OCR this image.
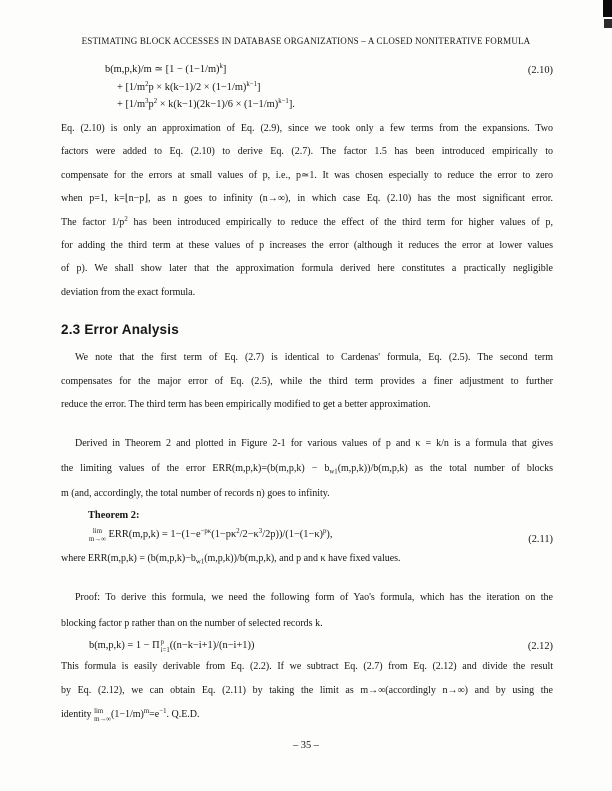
ESTIMATING BLOCK ACCESSES IN DATABASE ORGANIZATIONS – A CLOSED NONITERATIVE FORMULA
b(m,p,k)/m ≃ $[1 - (1-1/m)^k]$	(2.10)
+ $[1/m^2p \times k(k-1)/2 \times (1-1/m)^{k-1}]$
+ $[1/m^3p^2 \times k(k-1)(2k-1)/6 \times (1-1/m)^{k-1}]$.
Eq. (2.10) is only an approximation of Eq. (2.9), since we took only a few terms from the expansions. Two
factors were added to Eq. (2.10) to derive Eq. (2.7). The factor 1.5 has been introduced empirically to
compensate for the errors at small values of p, i.e., p≃1. It was chosen especially to reduce the error to zero
when p=1, k=⌊n−p⌋, as n goes to infinity (n→∞), in which case Eq. (2.10) has the most significant error.
The factor $1/p^2$ has been introduced empirically to reduce the effect of the third term for higher values of p,
for adding the third term at these values of p increases the error (although it reduces the error at lower values
of p). We shall show later that the approximation formula derived here constitutes a practically negligible
deviation from the exact formula.
2.3 Error Analysis
We note that the first term of Eq. (2.7) is identical to Cardenas' formula, Eq. (2.5). The second term
compensates for the major error of Eq. (2.5), while the third term provides a finer adjustment to further
reduce the error. The third term has been empirically modified to get a better approximation.
Derived in Theorem 2 and plotted in Figure 2-1 for various values of p and κ = k/n is a formula that gives
the limiting values of the error $ERR(m,p,k)=(b(m,p,k) - b_{w1}(m,p,k))/b(m,p,k)$ as the total number of blocks
m (and, accordingly, the total number of records n) goes to infinity.
Theorem 2:
lim
m→∞ $ERR(m,p,k) = 1-(1-e^{-p\kappa}(1-p\kappa^2/2-\kappa^3/2p))/(1-(1-\kappa)^p)$,	(2.11)
where $ERR(m,p,k) = (b(m,p,k)-b_{w1}(m,p,k))/b(m,p,k)$, and p and κ have fixed values.
Proof: To derive this formula, we need the following form of Yao's formula, which has the iteration on the
blocking factor p rather than on the number of selected records k.
b(m,p,k) = 1 − Π p
i=1 ((n−k−i+1)/(n−i+1))	(2.12)
This formula is easily derivable from Eq. (2.2). If we subtract Eq. (2.7) from Eq. (2.12) and divide the result
by Eq. (2.12), we can obtain Eq. (2.11) by taking the limit as m→∞(accordingly n→∞) and by using the
identity lim
m→∞ $(1-1/m)^m=e^{-1}$. Q.E.D.
– 35 –
